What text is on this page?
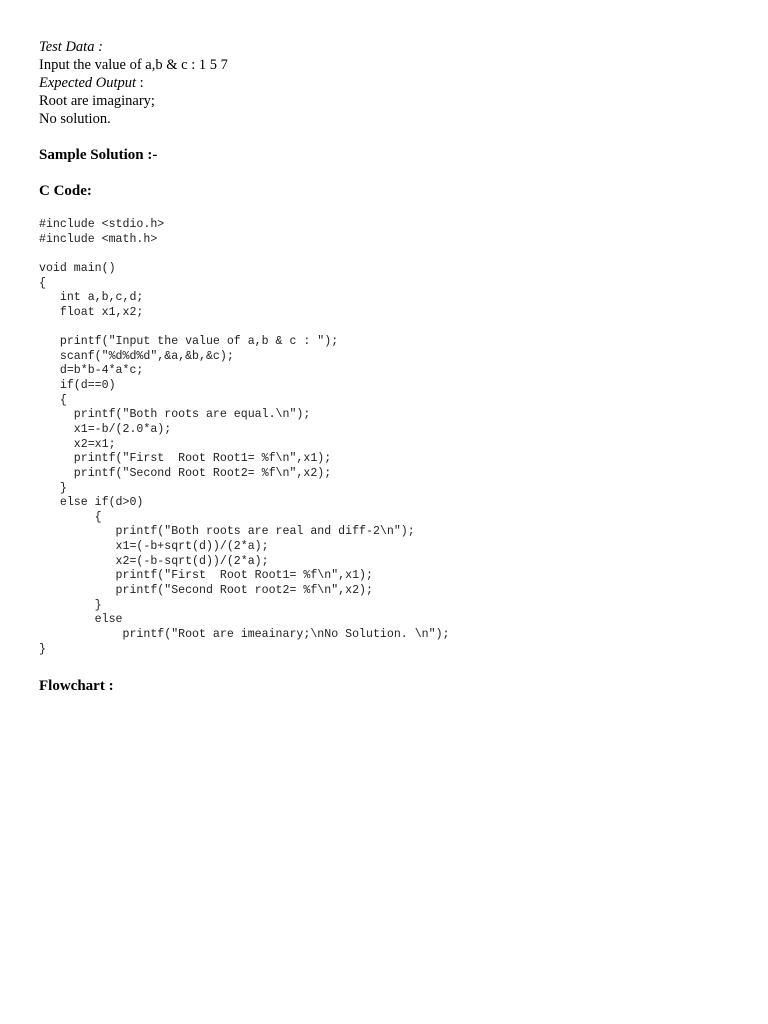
Test Data :
Input the value of a,b & c : 1 5 7
Expected Output :
Root are imaginary;
No solution.
Sample Solution :-
C Code:
#include <stdio.h>
#include <math.h>
void main()
{
int a,b,c,d;
float x1,x2;
printf("Input the value of a,b & c : ");
scanf("%d%d%d",&a,&b,&c);
d=b*b-4*a*c;
if(d==0)
{
printf("Both roots are equal.\n");
x1=-b/(2.0*a);
x2=x1;
printf("First  Root Root1= %f\n",x1);
printf("Second Root Root2= %f\n",x2);
}
else if(d>0)
{
printf("Both roots are real and diff-2\n");
x1=(-b+sqrt(d))/(2*a);
x2=(-b-sqrt(d))/(2*a);
printf("First  Root Root1= %f\n",x1);
printf("Second Root root2= %f\n",x2);
}
else
printf("Root are imeainary;\nNo Solution. \n");
}
Flowchart :
